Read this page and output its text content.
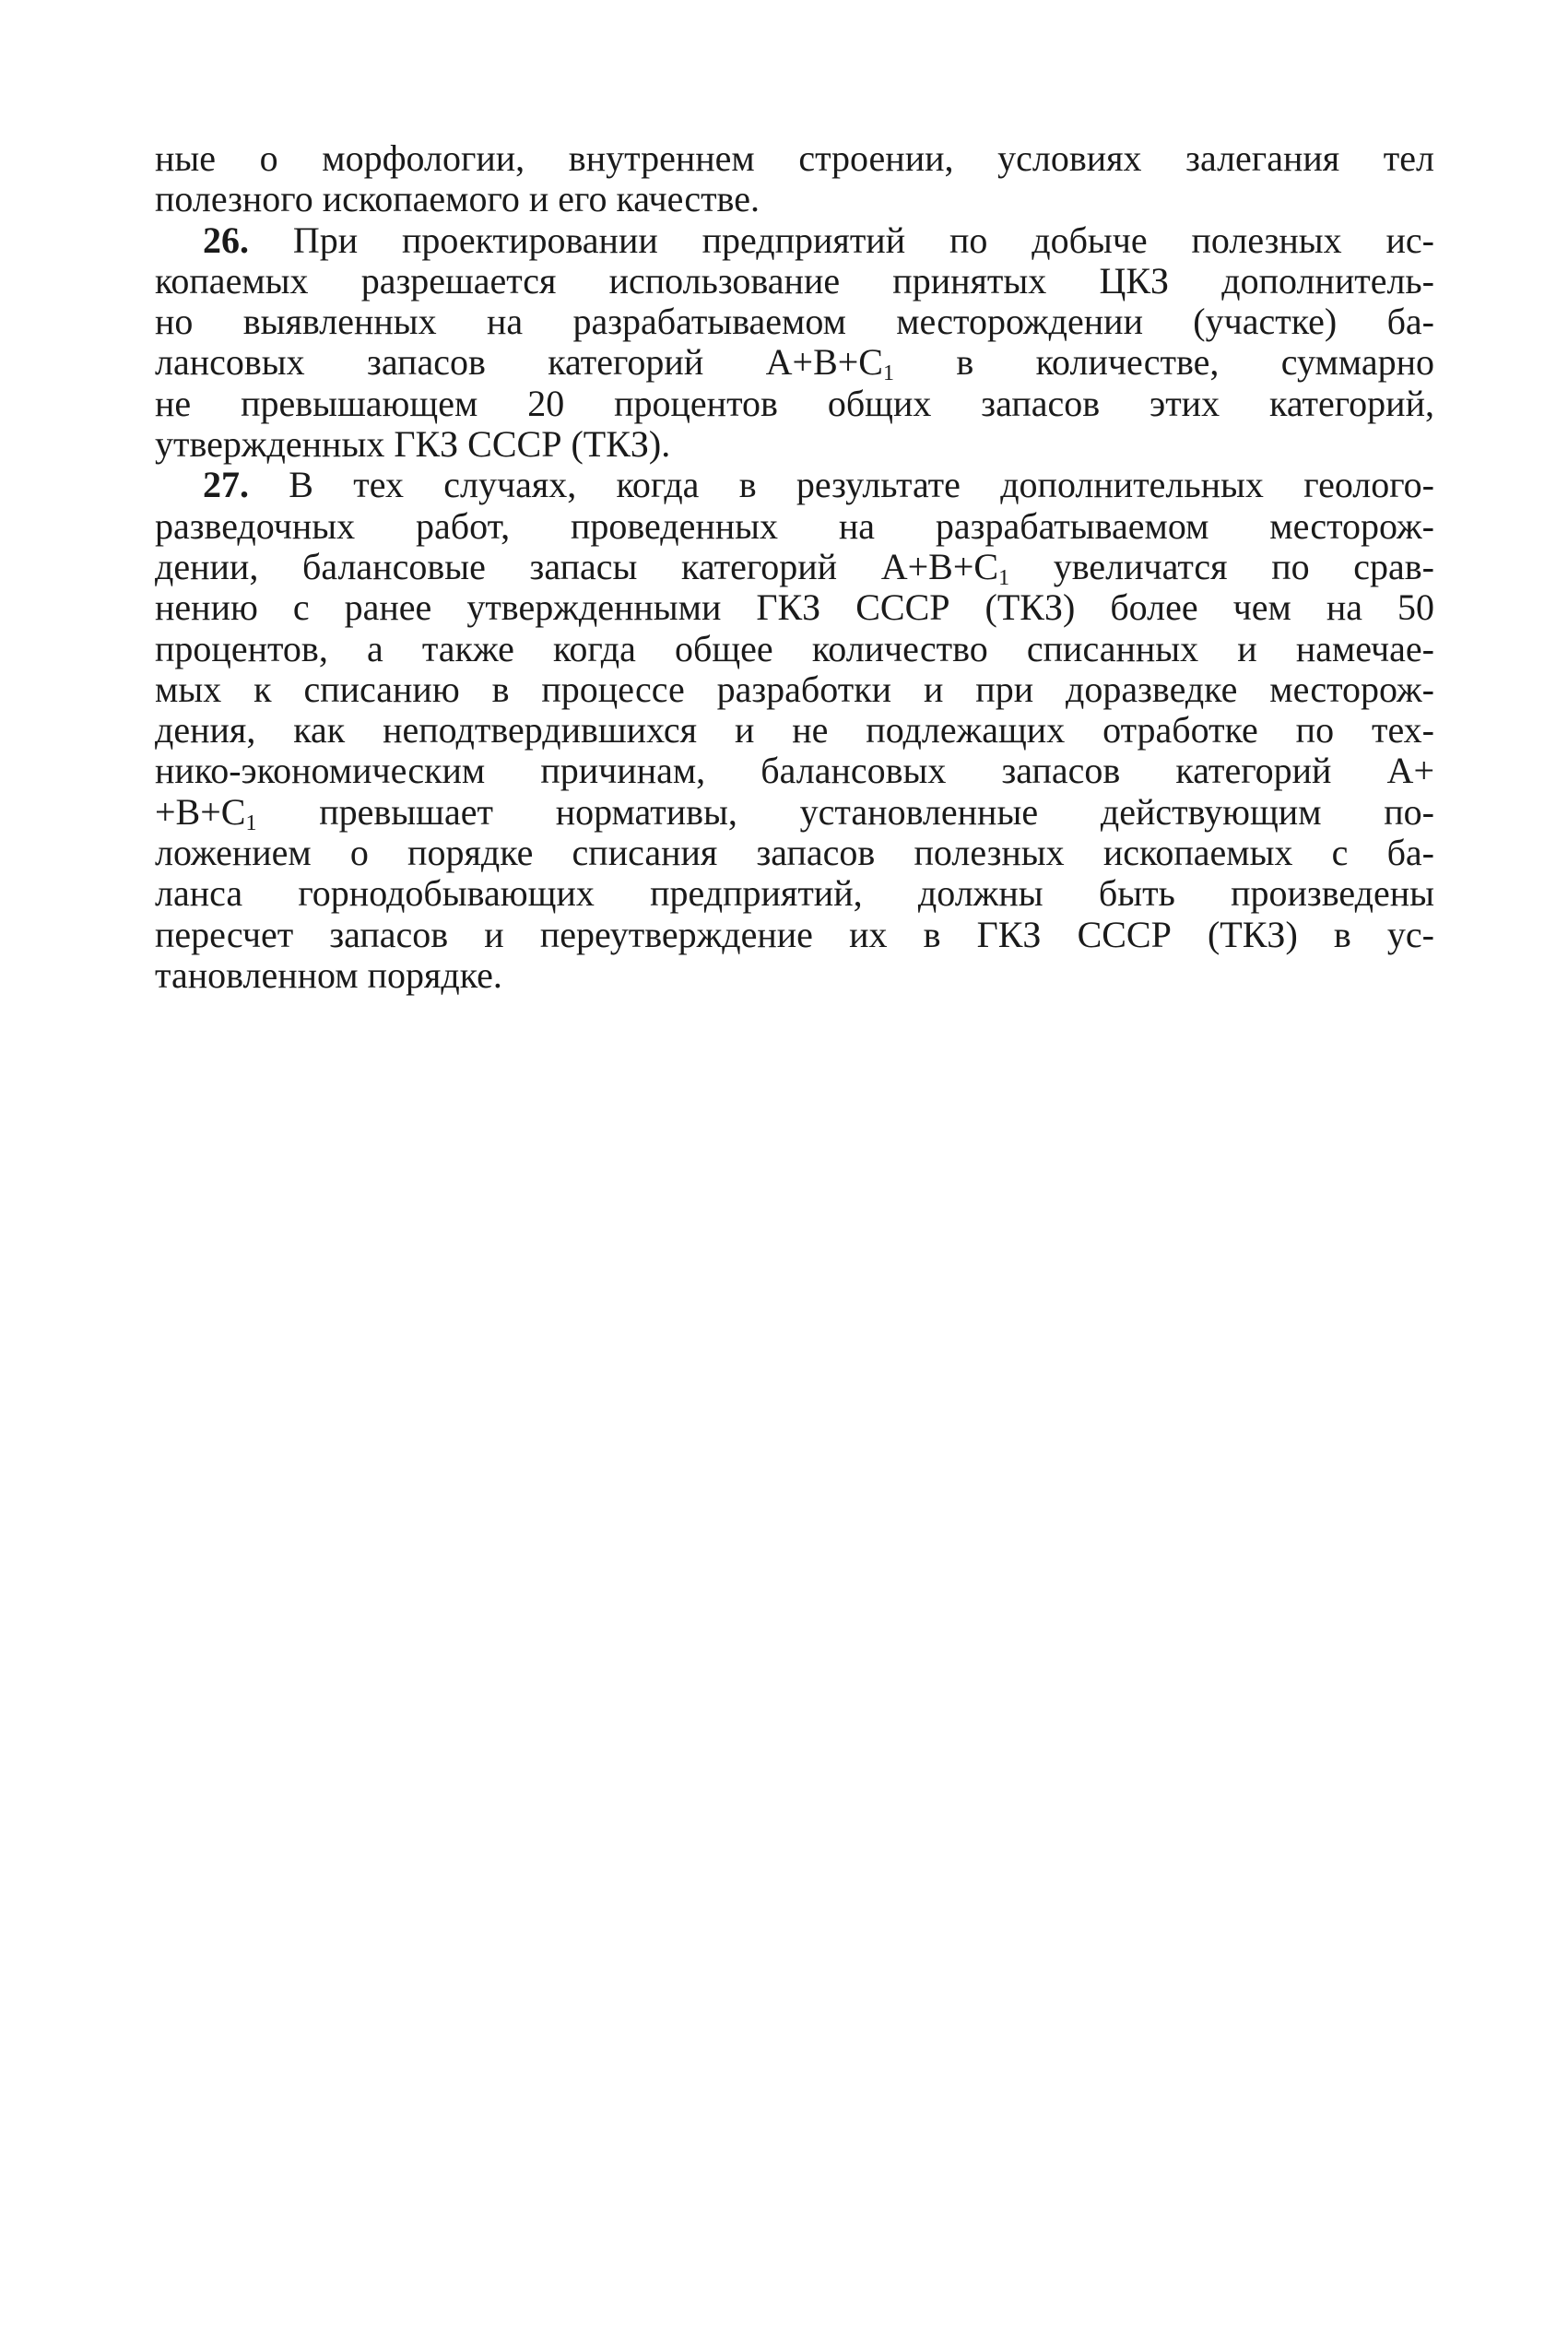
ные о морфологии, внутреннем строении, условиях залегания тел
полезного ископаемого и его качестве.
26. При проектировании предприятий по добыче полезных ис-
копаемых разрешается использование принятых ЦКЗ дополнитель-
но выявленных на разрабатываемом месторождении (участке) ба-
лансовых запасов категорий $А+В+С_1$ в количестве, суммарно
не превышающем 20 процентов общих запасов этих категорий,
утвержденных ГКЗ СССР (ТКЗ).
27. В тех случаях, когда в результате дополнительных геолого-
разведочных работ, проведенных на разрабатываемом месторож-
дении, балансовые запасы категорий $А+В+С_1$ увеличатся по срав-
нению с ранее утвержденными ГКЗ СССР (ТКЗ) более чем на 50
процентов, а также когда общее количество списанных и намечае-
мых к списанию в процессе разработки и при доразведке месторож-
дения, как неподтвердившихся и не подлежащих отработке по тех-
нико-экономическим причинам, балансовых запасов категорий А+
$+В+С_1$ превышает нормативы, установленные действующим по-
ложением о порядке списания запасов полезных ископаемых с ба-
ланса горнодобывающих предприятий, должны быть произведены
пересчет запасов и переутверждение их в ГКЗ СССР (ТКЗ) в ус-
тановленном порядке.
